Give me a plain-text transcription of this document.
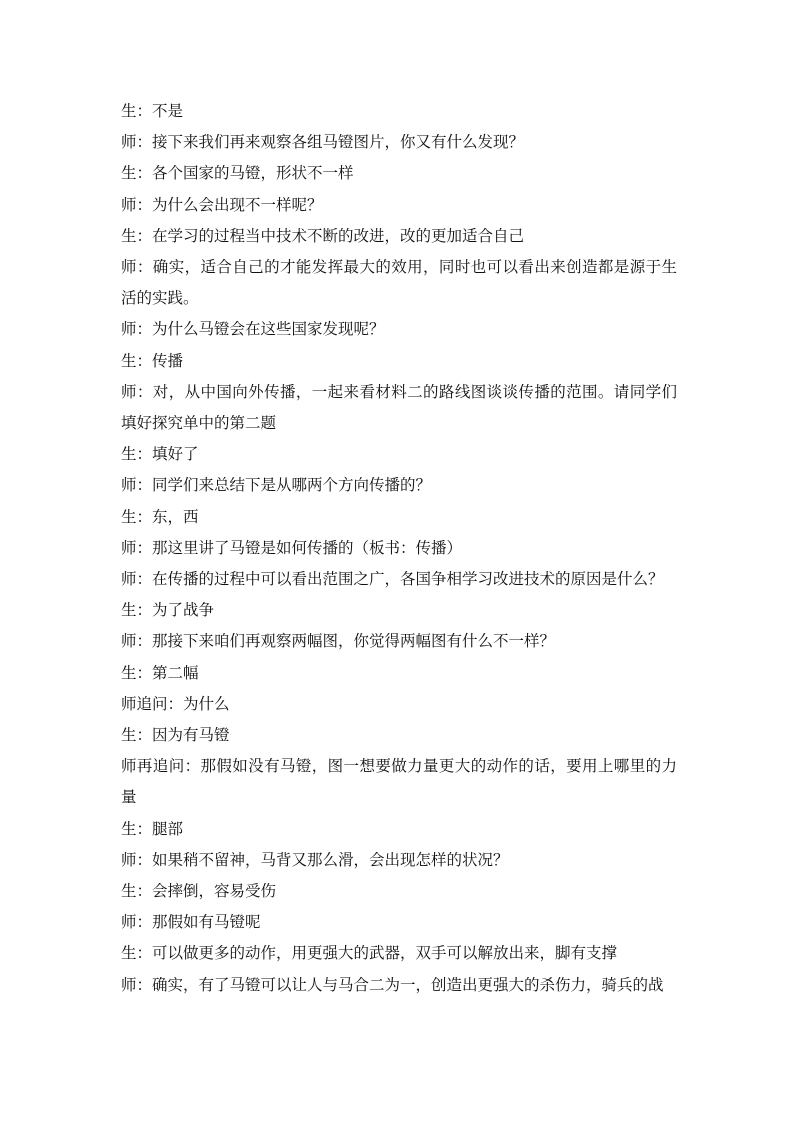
生：不是

师：接下来我们再来观察各组马镫图片，你又有什么发现？

生：各个国家的马镫，形状不一样

师：为什么会出现不一样呢？

生：在学习的过程当中技术不断的改进，改的更加适合自己

师：确实，适合自己的才能发挥最大的效用，同时也可以看出来创造都是源于生活的实践。

师：为什么马镫会在这些国家发现呢？

生：传播

师：对，从中国向外传播，一起来看材料二的路线图谈谈传播的范围。请同学们填好探究单中的第二题

生：填好了

师：同学们来总结下是从哪两个方向传播的？

生：东，西

师：那这里讲了马镫是如何传播的（板书：传播）

师：在传播的过程中可以看出范围之广，各国争相学习改进技术的原因是什么？

生：为了战争

师：那接下来咱们再观察两幅图，你觉得两幅图有什么不一样？

生：第二幅

师追问：为什么

生：因为有马镫

师再追问：那假如没有马镫，图一想要做力量更大的动作的话，要用上哪里的力量

生：腿部

师：如果稍不留神，马背又那么滑，会出现怎样的状况？

生：会摔倒，容易受伤

师：那假如有马镫呢

生：可以做更多的动作，用更强大的武器，双手可以解放出来，脚有支撑

师：确实，有了马镫可以让人与马合二为一，创造出更强大的杀伤力，骑兵的战
